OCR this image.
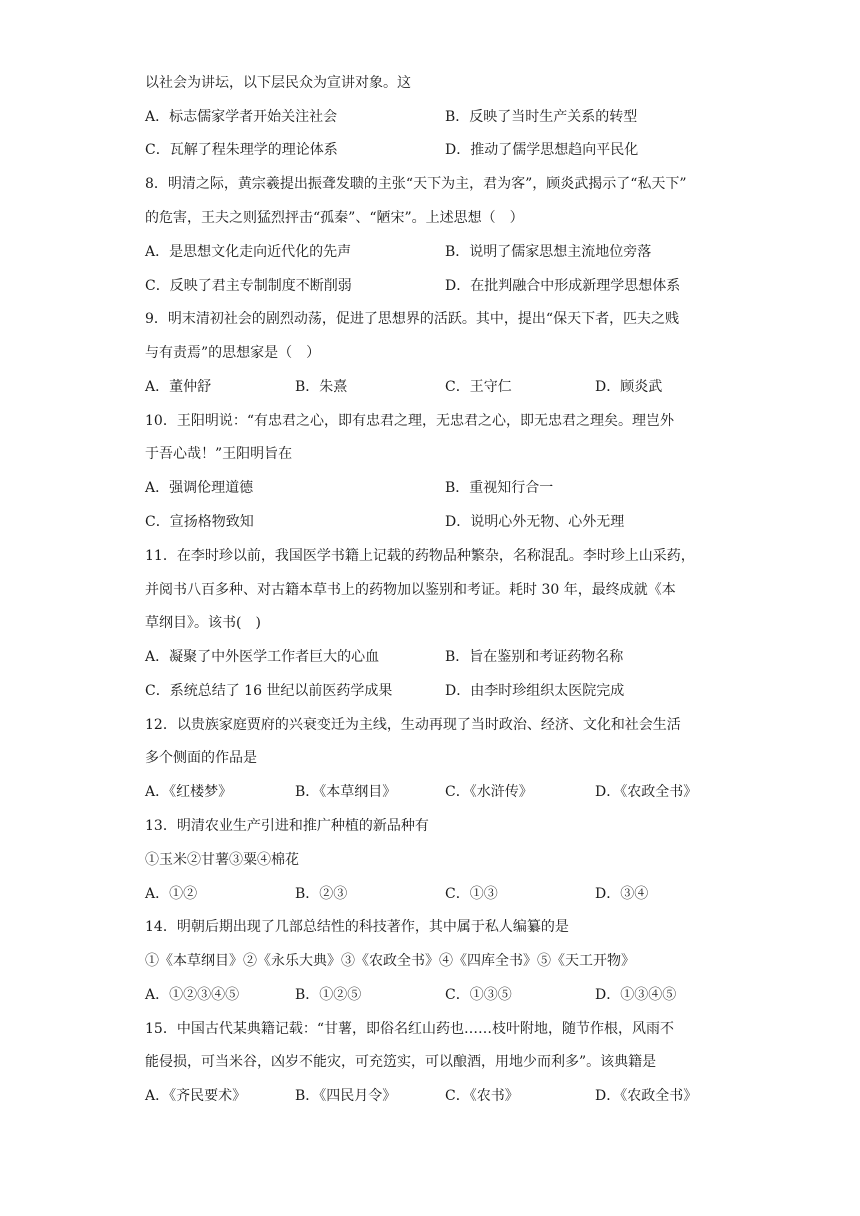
以社会为讲坛，以下层民众为宣讲对象。这
A．标志儒家学者开始关注社会	B．反映了当时生产关系的转型
C．瓦解了程朱理学的理论体系	D．推动了儒学思想趋向平民化
8．明清之际，黄宗羲提出振聋发聩的主张“天下为主，君为客”，顾炎武揭示了“私天下”
的危害，王夫之则猛烈抨击“孤秦”、“陋宋”。上述思想（　）
A．是思想文化走向近代化的先声	B．说明了儒家思想主流地位旁落
C．反映了君主专制制度不断削弱	D．在批判融合中形成新理学思想体系
9．明末清初社会的剧烈动荡，促进了思想界的活跃。其中，提出“保天下者，匹夫之贱
与有责焉”的思想家是（　）
A．董仲舒	B．朱熹	C．王守仁	D．顾炎武
10．王阳明说：“有忠君之心，即有忠君之理，无忠君之心，即无忠君之理矣。理岂外
于吾心哉！”王阳明旨在
A．强调伦理道德	B．重视知行合一
C．宣扬格物致知	D．说明心外无物、心外无理
11．在李时珍以前，我国医学书籍上记载的药物品种繁杂，名称混乱。李时珍上山采药，
并阅书八百多种、对古籍本草书上的药物加以鉴别和考证。耗时 30 年，最终成就《本
草纲目》。该书(　)
A．凝聚了中外医学工作者巨大的心血	B．旨在鉴别和考证药物名称
C．系统总结了 16 世纪以前医药学成果	D．由李时珍组织太医院完成
12．以贵族家庭贾府的兴衰变迁为主线，生动再现了当时政治、经济、文化和社会生活
多个侧面的作品是
A．《红楼梦》	B．《本草纲目》	C．《水浒传》	D．《农政全书》
13．明清农业生产引进和推广种植的新品种有
①玉米②甘薯③粟④棉花
A．①②	B．②③	C．①③	D．③④
14．明朝后期出现了几部总结性的科技著作，其中属于私人编纂的是
①《本草纲目》②《永乐大典》③《农政全书》④《四库全书》⑤《天工开物》
A．①②③④⑤	B．①②⑤	C．①③⑤	D．①③④⑤
15．中国古代某典籍记载：“甘薯，即俗名红山药也……枝叶附地，随节作根，风雨不
能侵损，可当米谷，凶岁不能灾，可充笾实，可以酿酒，用地少而利多”。该典籍是
A．《齐民要术》	B．《四民月令》	C．《农书》	D．《农政全书》
